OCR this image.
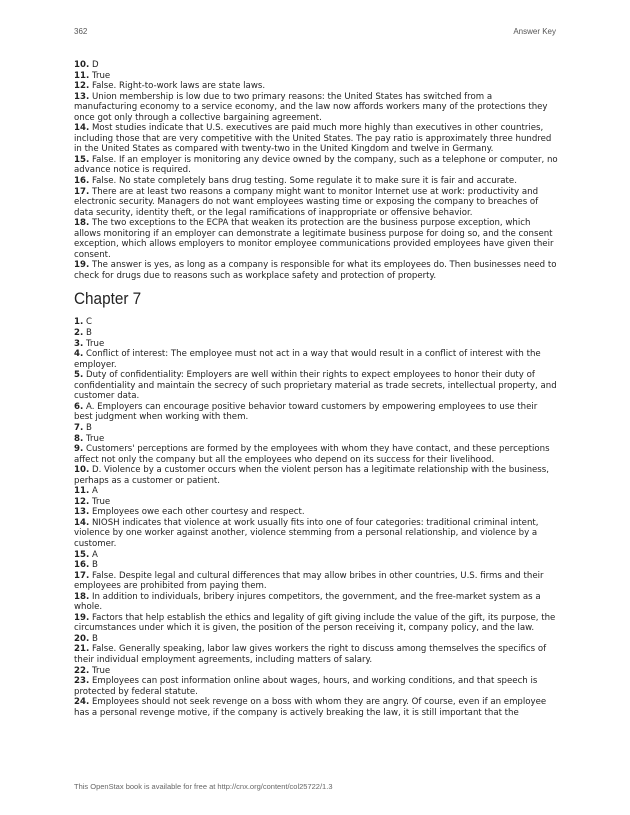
362	Answer Key

10. D

11. True

12. False. Right-to-work laws are state laws.

13. Union membership is low due to two primary reasons: the United States has switched from a manufacturing economy to a service economy, and the law now affords workers many of the protections they once got only through a collective bargaining agreement.

14. Most studies indicate that U.S. executives are paid much more highly than executives in other countries, including those that are very competitive with the United States. The pay ratio is approximately three hundred in the United States as compared with twenty-two in the United Kingdom and twelve in Germany.

15. False. If an employer is monitoring any device owned by the company, such as a telephone or computer, no advance notice is required.

16. False. No state completely bans drug testing. Some regulate it to make sure it is fair and accurate.

17. There are at least two reasons a company might want to monitor Internet use at work: productivity and electronic security. Managers do not want employees wasting time or exposing the company to breaches of data security, identity theft, or the legal ramifications of inappropriate or offensive behavior.

18. The two exceptions to the ECPA that weaken its protection are the business purpose exception, which allows monitoring if an employer can demonstrate a legitimate business purpose for doing so, and the consent exception, which allows employers to monitor employee communications provided employees have given their consent.

19. The answer is yes, as long as a company is responsible for what its employees do. Then businesses need to check for drugs due to reasons such as workplace safety and protection of property.

Chapter 7

1. C

2. B

3. True

4. Conflict of interest: The employee must not act in a way that would result in a conflict of interest with the employer.

5. Duty of confidentiality: Employers are well within their rights to expect employees to honor their duty of confidentiality and maintain the secrecy of such proprietary material as trade secrets, intellectual property, and customer data.

6. A. Employers can encourage positive behavior toward customers by empowering employees to use their best judgment when working with them.

7. B

8. True

9. Customers' perceptions are formed by the employees with whom they have contact, and these perceptions affect not only the company but all the employees who depend on its success for their livelihood.

10. D. Violence by a customer occurs when the violent person has a legitimate relationship with the business, perhaps as a customer or patient.

11. A

12. True

13. Employees owe each other courtesy and respect.

14. NIOSH indicates that violence at work usually fits into one of four categories: traditional criminal intent, violence by one worker against another, violence stemming from a personal relationship, and violence by a customer.

15. A

16. B

17. False. Despite legal and cultural differences that may allow bribes in other countries, U.S. firms and their employees are prohibited from paying them.

18. In addition to individuals, bribery injures competitors, the government, and the free-market system as a whole.

19. Factors that help establish the ethics and legality of gift giving include the value of the gift, its purpose, the circumstances under which it is given, the position of the person receiving it, company policy, and the law.

20. B

21. False. Generally speaking, labor law gives workers the right to discuss among themselves the specifics of their individual employment agreements, including matters of salary.

22. True

23. Employees can post information online about wages, hours, and working conditions, and that speech is protected by federal statute.

24. Employees should not seek revenge on a boss with whom they are angry. Of course, even if an employee has a personal revenge motive, if the company is actively breaking the law, it is still important that the

This OpenStax book is available for free at http://cnx.org/content/col25722/1.3
